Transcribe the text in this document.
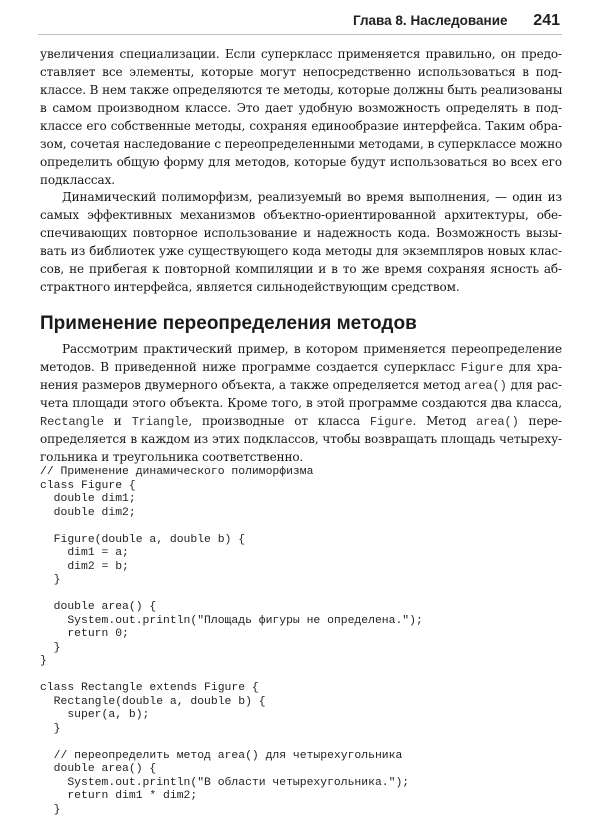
Глава 8. Наследование 241
увеличения специализации. Если суперкласс применяется правильно, он предо-
ставляет все элементы, которые могут непосредственно использоваться в под-
классе. В нем также определяются те методы, которые должны быть реализованы
в самом производном классе. Это дает удобную возможность определять в под-
классе его собственные методы, сохраняя единообразие интерфейса. Таким обра-
зом, сочетая наследование с переопределенными методами, в суперклассе можно
определить общую форму для методов, которые будут использоваться во всех его
подклассах.
Динамический полиморфизм, реализуемый во время выполнения, — один из
самых эффективных механизмов объектно-ориентированной архитектуры, обе-
спечивающих повторное использование и надежность кода. Возможность вызы-
вать из библиотек уже существующего кода методы для экземпляров новых клас-
сов, не прибегая к повторной компиляции и в то же время сохраняя ясность аб-
страктного интерфейса, является сильнодействующим средством.
Применение переопределения методов
Рассмотрим практический пример, в котором применяется переопределение
методов. В приведенной ниже программе создается суперкласс Figure для хра-
нения размеров двумерного объекта, а также определяется метод area() для рас-
чета площади этого объекта. Кроме того, в этой программе создаются два класса,
Rectangle и Triangle, производные от класса Figure. Метод area() пере-
определяется в каждом из этих подклассов, чтобы возвращать площадь четыреху-
гольника и треугольника соответственно.
// Применение динамического полиморфизма
class Figure {
double dim1;
double dim2;

Figure(double a, double b) {
dim1 = a;
dim2 = b;
}

double area() {
System.out.println("Площадь фигуры не определена.");
return 0;
}
}

class Rectangle extends Figure {
Rectangle(double a, double b) {
super(a, b);
}

// переопределить метод area() для четырехугольника
double area() {
System.out.println("В области четырехугольника.");
return dim1 * dim2;
}
